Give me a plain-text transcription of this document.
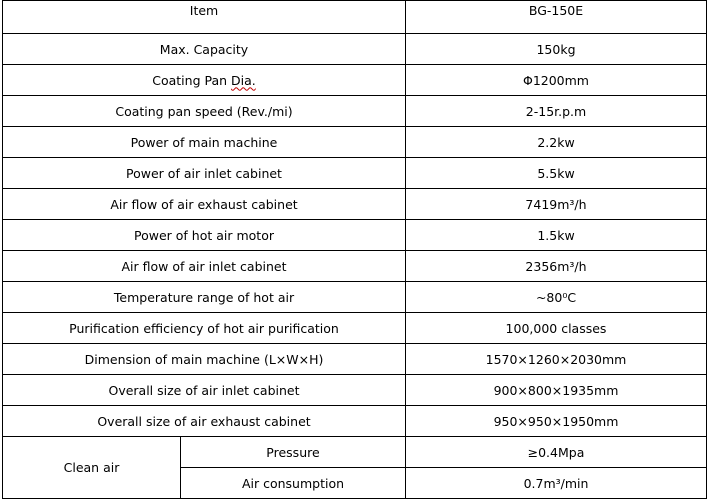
Item		BG-150E
Max. Capacity		150kg
Coating Pan Dia.		Φ1200mm
Coating pan speed (Rev./mi)		2-15r.p.m
Power of main machine		2.2kw
Power of air inlet cabinet		5.5kw
Air flow of air exhaust cabinet		7419m³/h
Power of hot air motor		1.5kw
Air flow of air inlet cabinet		2356m³/h
Temperature range of hot air		~80⁰C
Purification efficiency of hot air purification		100,000 classes
Dimension of main machine (L×W×H)		1570×1260×2030mm
Overall size of air inlet cabinet		900×800×1935mm
Overall size of air exhaust cabinet		950×950×1950mm
Clean air	Pressure	≥0.4Mpa
	Air consumption	0.7m³/min
